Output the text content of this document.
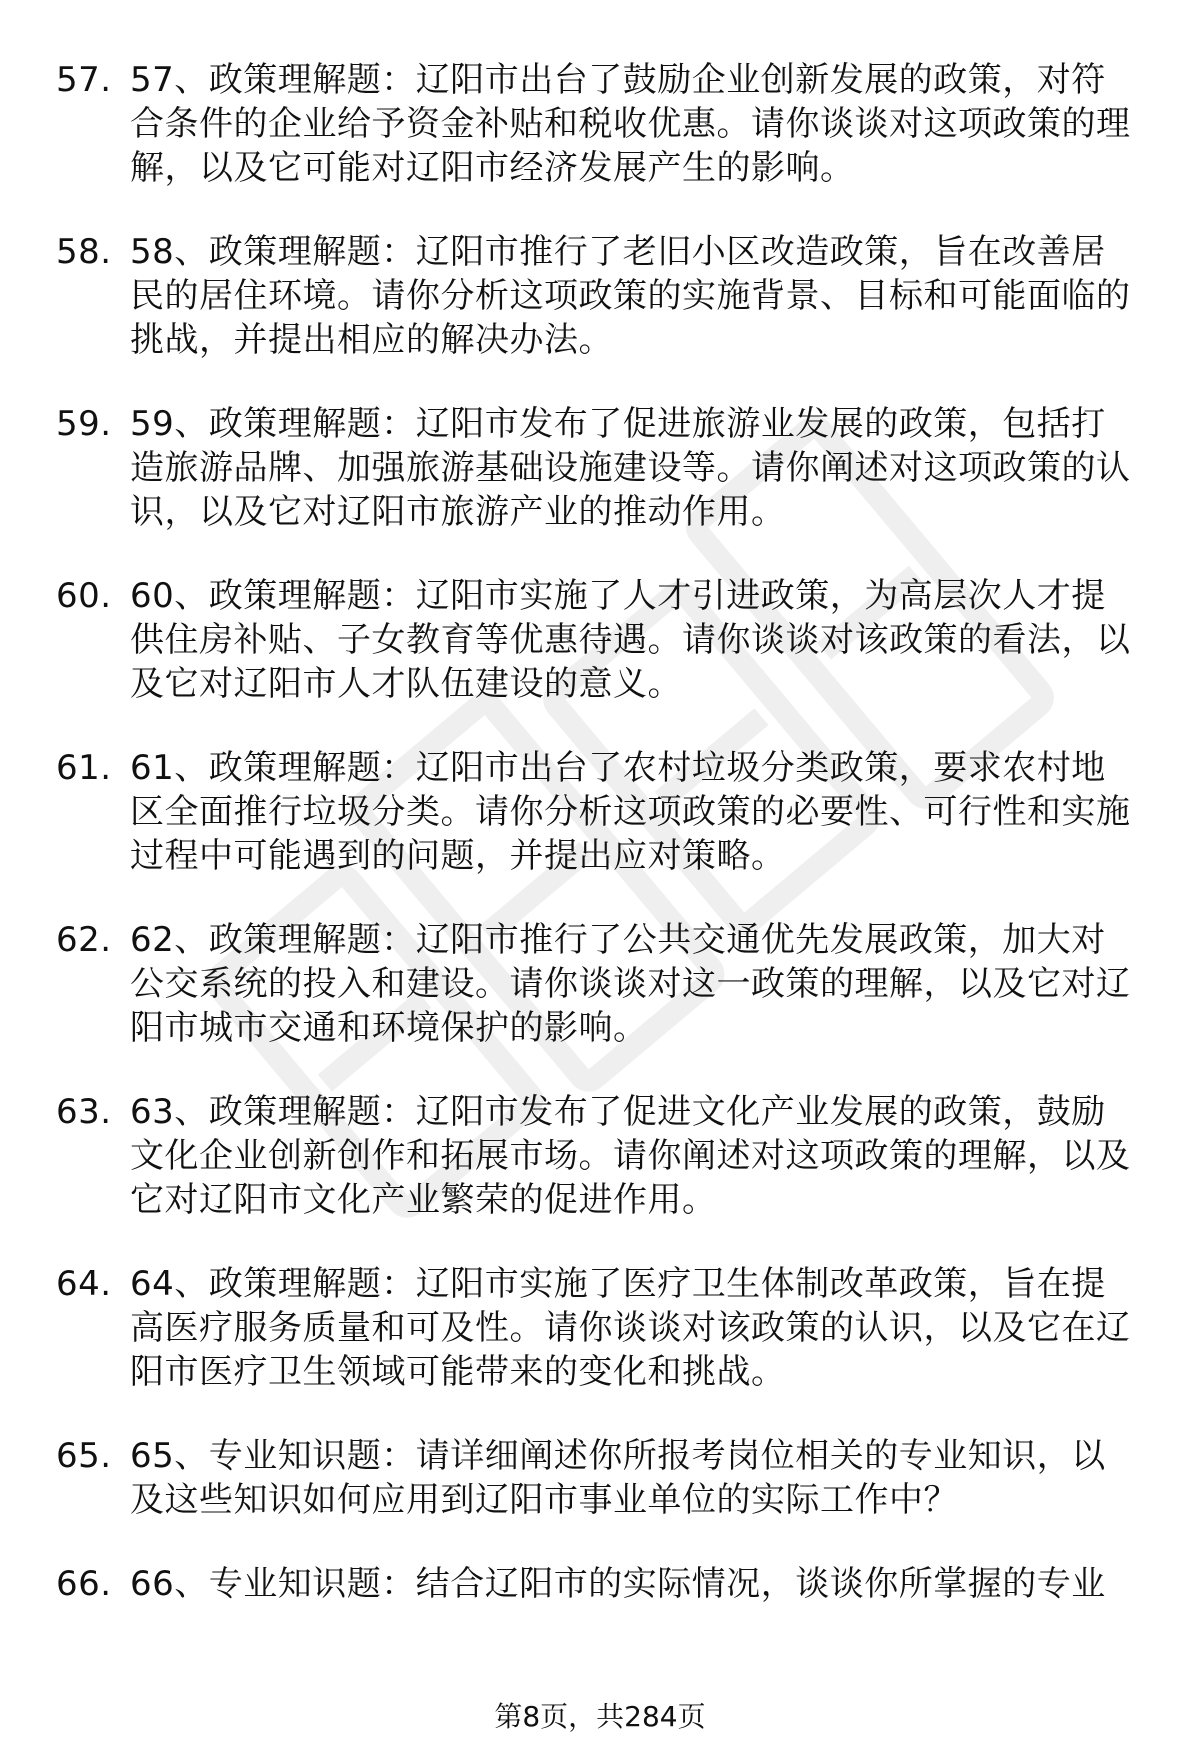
57. 57、政策理解题：辽阳市出台了鼓励企业创新发展的政策，对符合条件的企业给予资金补贴和税收优惠。请你谈谈对这项政策的理解，以及它可能对辽阳市经济发展产生的影响。
58. 58、政策理解题：辽阳市推行了老旧小区改造政策，旨在改善居民的居住环境。请你分析这项政策的实施背景、目标和可能面临的挑战，并提出相应的解决办法。
59. 59、政策理解题：辽阳市发布了促进旅游业发展的政策，包括打造旅游品牌、加强旅游基础设施建设等。请你阐述对这项政策的认识，以及它对辽阳市旅游产业的推动作用。
60. 60、政策理解题：辽阳市实施了人才引进政策，为高层次人才提供住房补贴、子女教育等优惠待遇。请你谈谈对该政策的看法，以及它对辽阳市人才队伍建设的意义。
61. 61、政策理解题：辽阳市出台了农村垃圾分类政策，要求农村地区全面推行垃圾分类。请你分析这项政策的必要性、可行性和实施过程中可能遇到的问题，并提出应对策略。
62. 62、政策理解题：辽阳市推行了公共交通优先发展政策，加大对公交系统的投入和建设。请你谈谈对这一政策的理解，以及它对辽阳市城市交通和环境保护的影响。
63. 63、政策理解题：辽阳市发布了促进文化产业发展的政策，鼓励文化企业创新创作和拓展市场。请你阐述对这项政策的理解，以及它对辽阳市文化产业繁荣的促进作用。
64. 64、政策理解题：辽阳市实施了医疗卫生体制改革政策，旨在提高医疗服务质量和可及性。请你谈谈对该政策的认识，以及它在辽阳市医疗卫生领域可能带来的变化和挑战。
65. 65、专业知识题：请详细阐述你所报考岗位相关的专业知识，以及这些知识如何应用到辽阳市事业单位的实际工作中？
66. 66、专业知识题：结合辽阳市的实际情况，谈谈你所掌握的专业
第8页，共284页
